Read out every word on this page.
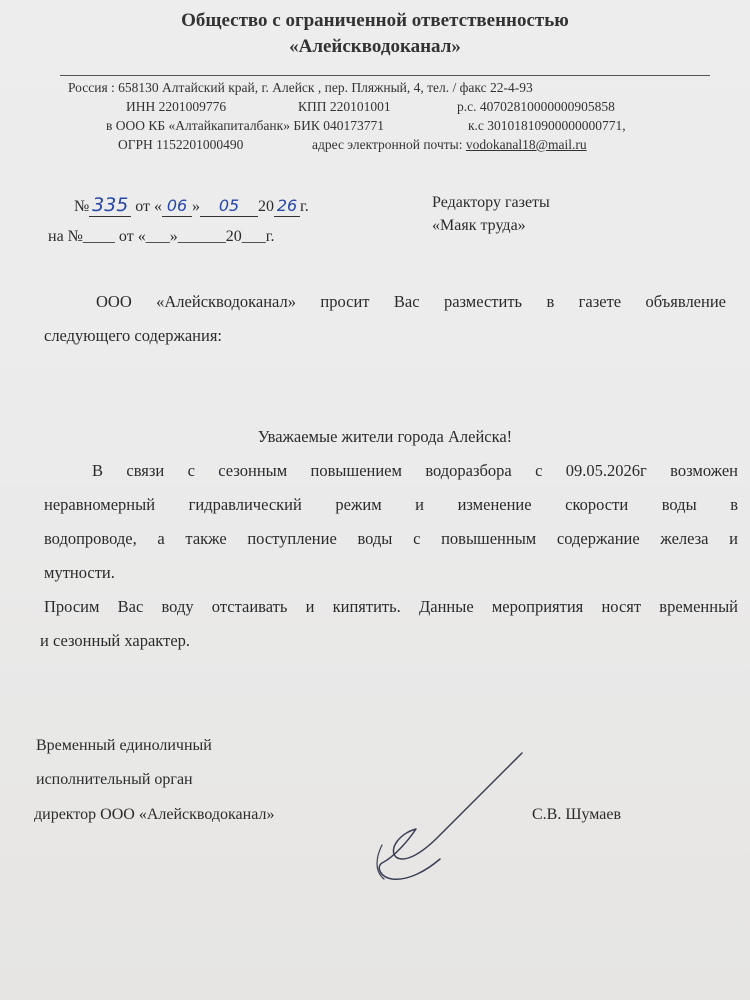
Общество с ограниченной ответственностью
«Алейскводоканал»
Россия : 658130 Алтайский край, г. Алейск , пер. Пляжный, 4, тел. / факс 22-4-93
ИНН 2201009776	КПП 220101001	р.с. 40702810000000905858
в ООО КБ «Алтайкапиталбанк» БИК 040173771	к.с 30101810900000000771,
ОГРН 1152201000490	адрес электронной почты: vodokanal18@mail.ru
№ 335 от « 06 » 05 20 26 г.
на №____ от «___»______20___г.
Редактору газеты
«Маяк труда»
ООО «Алейскводоканал» просит Вас разместить в газете объявление
следующего содержания:
Уважаемые жители города Алейска!
В связи с сезонным повышением водоразбора с 09.05.2026г возможен
неравномерный гидравлический режим и изменение скорости воды в
водопроводе, а также поступление воды с повышенным содержание железа и
мутности.
Просим Вас воду отстаивать и кипятить. Данные мероприятия носят временный
и сезонный характер.
Временный единоличный
исполнительный орган
директор ООО «Алейскводоканал»	С.В. Шумаев
